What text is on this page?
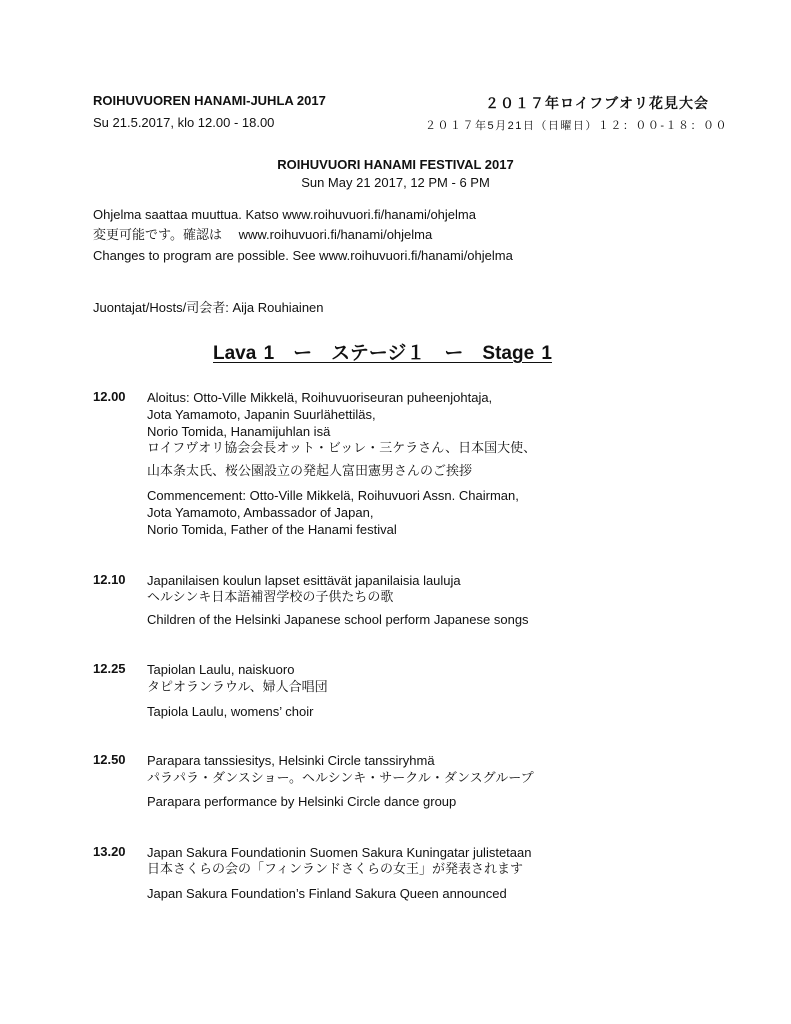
ROIHUVUOREN HANAMI-JUHLA 2017
Su 21.5.2017, klo 12.00 - 18.00
２０１７年ロイフブオリ花見大会
２０１７年5月21日（日曜日）１２：００-１８：００
ROIHUVUORI HANAMI FESTIVAL 2017
Sun May 21 2017, 12 PM - 6 PM
Ohjelma saattaa muuttua. Katso www.roihuvuori.fi/hanami/ohjelma
変更可能です。確認は　 www.roihuvuori.fi/hanami/ohjelma
Changes to program are possible. See www.roihuvuori.fi/hanami/ohjelma
Juontajat/Hosts/司会者: Aija Rouhiainen
Lava 1　ー　ステージ１　ー　Stage 1
12.00 Aloitus: Otto-Ville Mikkelä, Roihuvuoriseuran puheenjohtaja,
Jota Yamamoto, Japanin Suurlähettiläs,
Norio Tomida, Hanamijuhlan isä
ロイフヴオリ協会会長オット・ビッレ・三ケラさん、日本国大使、
山本条太氏、桜公園設立の発起人富田憲男さんのご挨拶
Commencement: Otto-Ville Mikkelä, Roihuvuori Assn. Chairman,
Jota Yamamoto, Ambassador of Japan,
Norio Tomida, Father of the Hanami festival
12.10 Japanilaisen koulun lapset esittävät japanilaisia lauluja
ヘルシンキ日本語補習学校の子供たちの歌
Children of the Helsinki Japanese school perform Japanese songs
12.25 Tapiolan Laulu, naiskuoro
タピオランラウル、婦人合唱団
Tapiola Laulu, womens’ choir
12.50 Parapara tanssiesitys, Helsinki Circle tanssiryhmä
パラパラ・ダンスショー。ヘルシンキ・サークル・ダンスグループ
Parapara performance by Helsinki Circle dance group
13.20 Japan Sakura Foundationin Suomen Sakura Kuningatar julistetaan
日本さくらの会の「フィンランドさくらの女王」が発表されます
Japan Sakura Foundation’s Finland Sakura Queen announced
